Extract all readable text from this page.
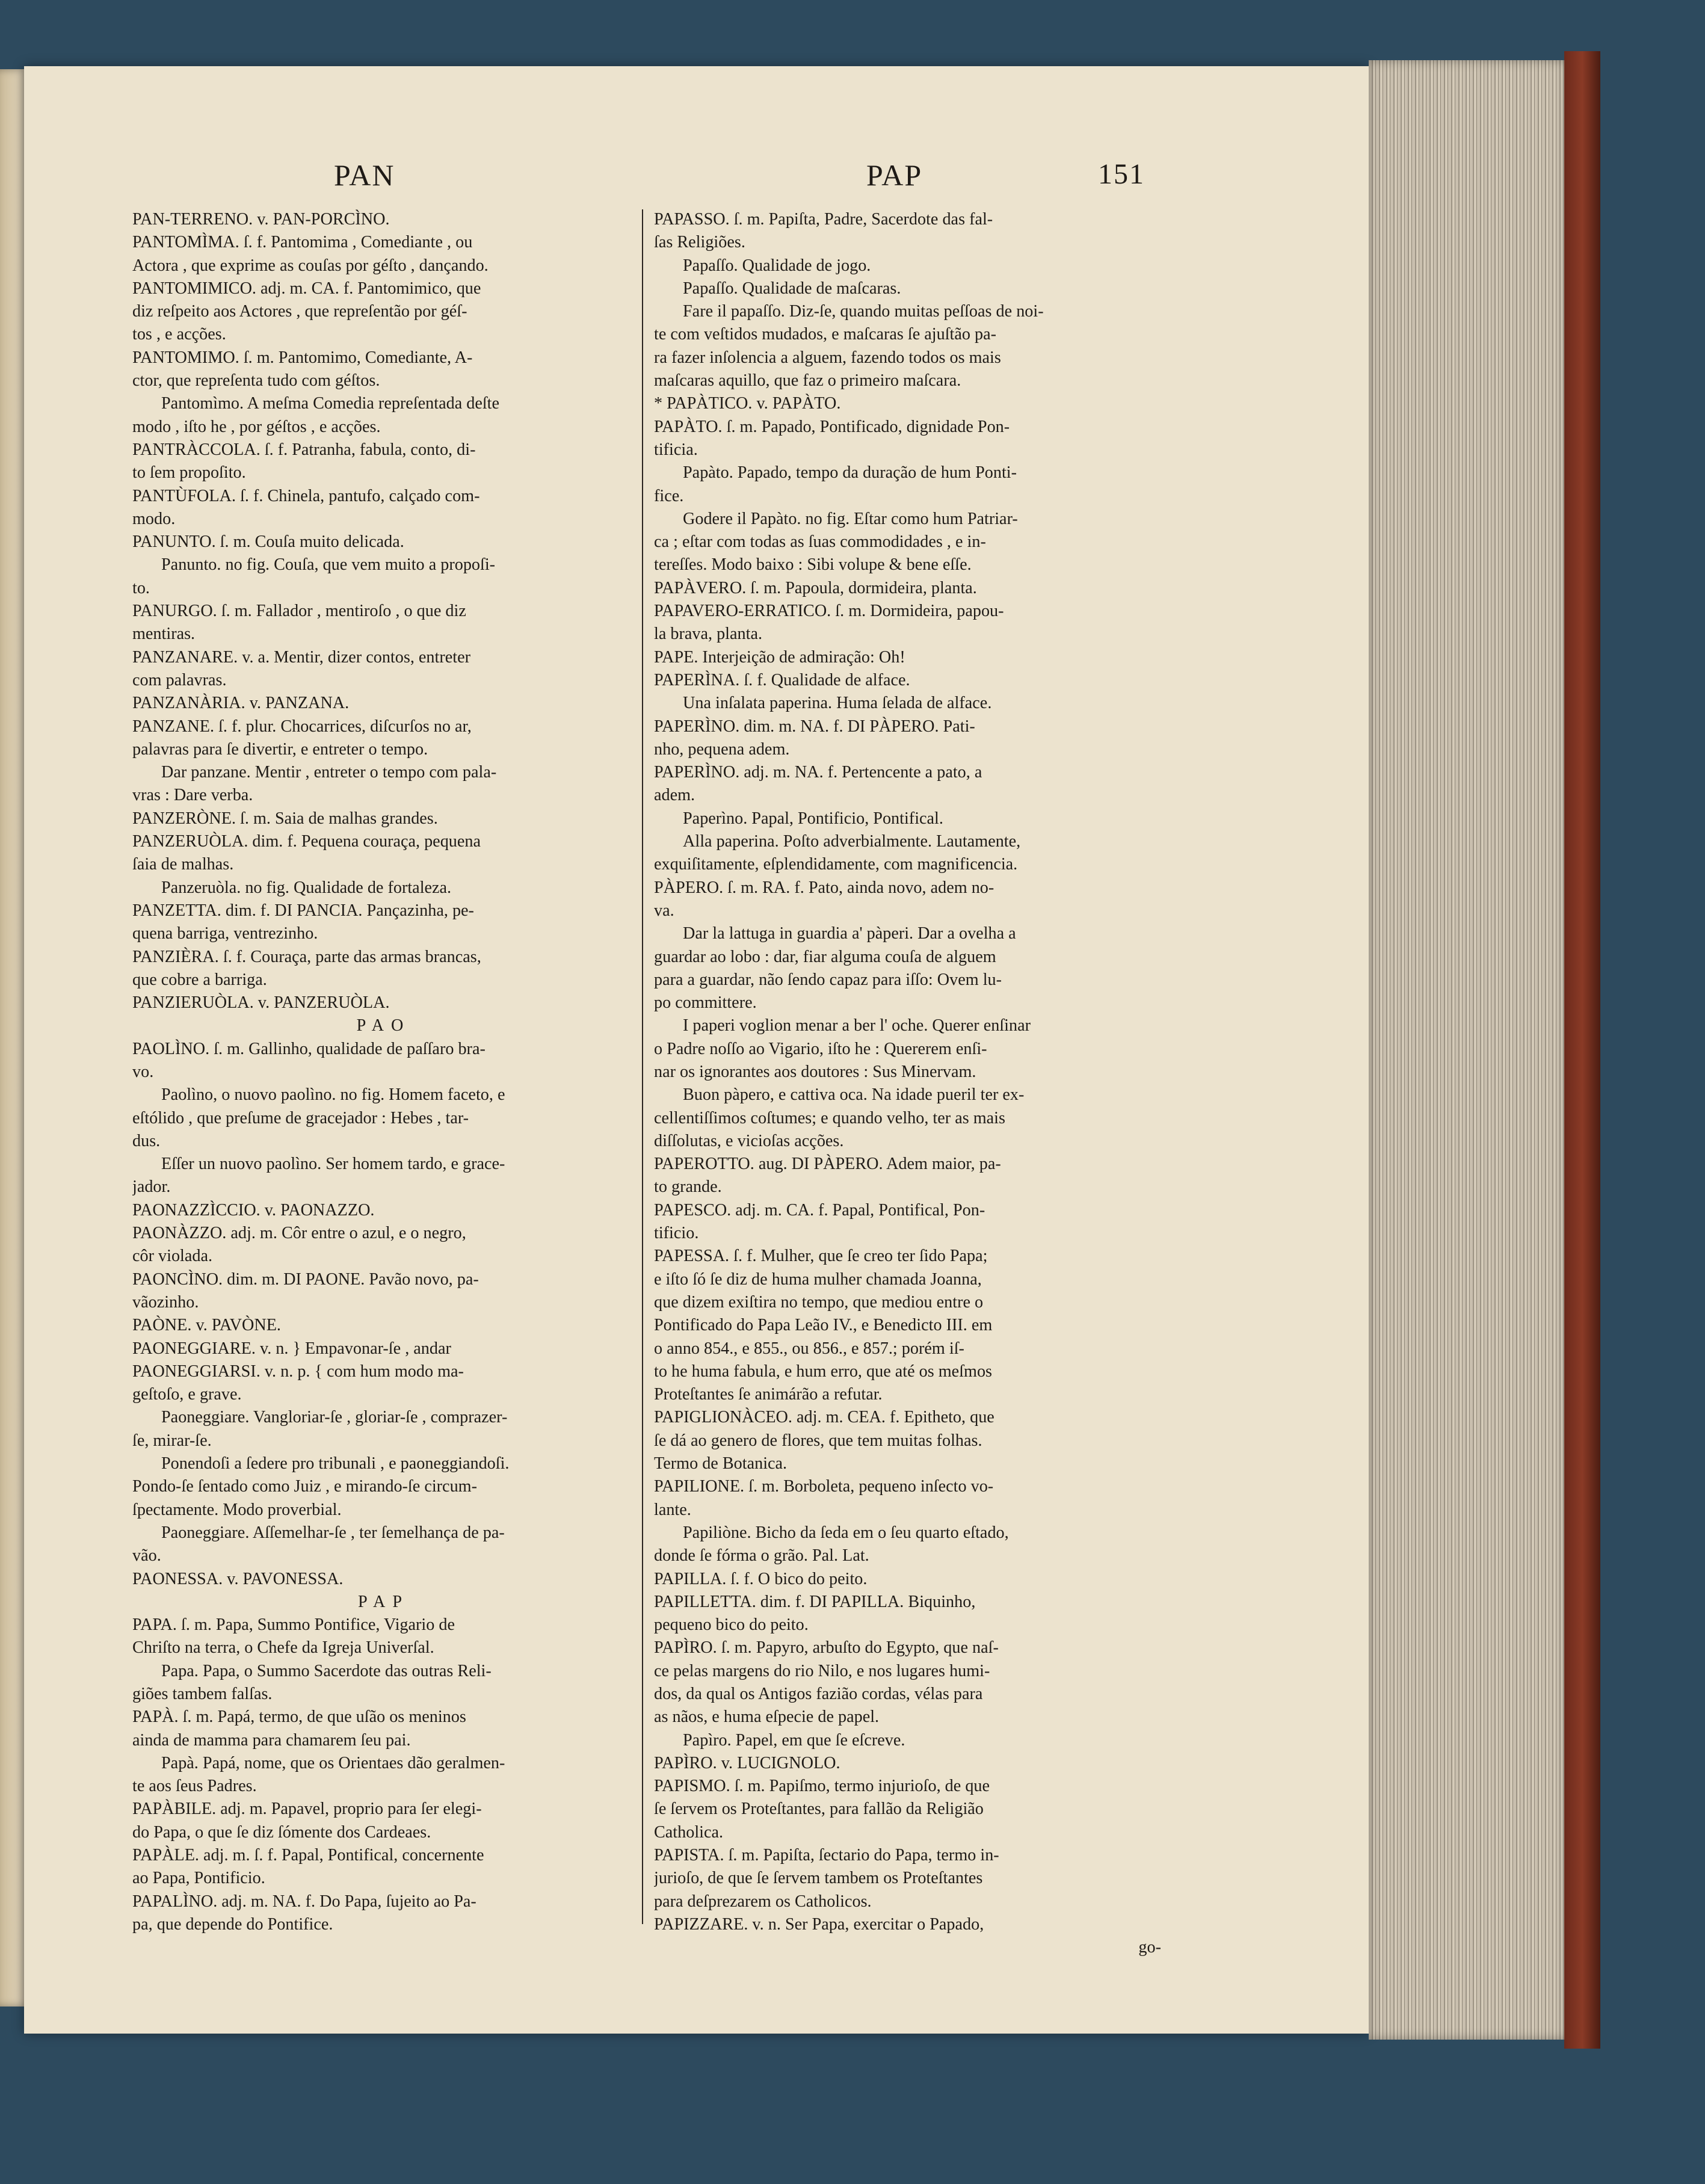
PAN	PAP	151
PAN-TERRENO. v. PAN-PORCÌNO.
PANTOMÌMA. ſ. f. Pantomima , Comediante , ou
Actora , que exprime as couſas por géſto , dançando.
PANTOMIMICO. adj. m. CA. f. Pantomimico, que
diz reſpeito aos Actores , que repreſentão por géſ-
tos , e acções.
PANTOMIMO. ſ. m. Pantomimo, Comediante, A-
ctor, que repreſenta tudo com géſtos.
Pantomìmo. A meſma Comedia repreſentada deſte
modo , iſto he , por géſtos , e acções.
PANTRÀCCOLA. ſ. f. Patranha, fabula, conto, di-
to ſem propoſito.
PANTÙFOLA. ſ. f. Chinela, pantufo, calçado com-
modo.
PANUNTO. ſ. m. Couſa muito delicada.
Panunto. no fig. Couſa, que vem muito a propoſi-
to.
PANURGO. ſ. m. Fallador , mentiroſo , o que diz
mentiras.
PANZANARE. v. a. Mentir, dizer contos, entreter
com palavras.
PANZANÀRIA. v. PANZANA.
PANZANE. ſ. f. plur. Chocarrices, diſcurſos no ar,
palavras para ſe divertir, e entreter o tempo.
Dar panzane. Mentir , entreter o tempo com pala-
vras : Dare verba.
PANZERÒNE. ſ. m. Saia de malhas grandes.
PANZERUÒLA. dim. f. Pequena couraça, pequena
ſaia de malhas.
Panzeruòla. no fig. Qualidade de fortaleza.
PANZETTA. dim. f. DI PANCIA. Pançazinha, pe-
quena barriga, ventrezinho.
PANZIÈRA. ſ. f. Couraça, parte das armas brancas,
que cobre a barriga.
PANZIERUÒLA. v. PANZERUÒLA.
PAO
PAOLÌNO. ſ. m. Gallinho, qualidade de paſſaro bra-
vo.
Paolìno, o nuovo paolìno. no fig. Homem faceto, e
eſtólido , que preſume de gracejador : Hebes , tar-
dus.
Eſſer un nuovo paolìno. Ser homem tardo, e grace-
jador.
PAONAZZÌCCIO. v. PAONAZZO.
PAONÀZZO. adj. m. Côr entre o azul, e o negro,
côr violada.
PAONCÌNO. dim. m. DI PAONE. Pavão novo, pa-
vãozinho.
PAÒNE. v. PAVÒNE.
PAONEGGIARE. v. n. } Empavonar-ſe , andar
PAONEGGIARSI. v. n. p. { com hum modo ma-
geſtoſo, e grave.
Paoneggiare. Vangloriar-ſe , gloriar-ſe , comprazer-
ſe, mirar-ſe.
Ponendoſi a ſedere pro tribunali , e paoneggiandoſi.
Pondo-ſe ſentado como Juiz , e mirando-ſe circum-
ſpectamente. Modo proverbial.
Paoneggiare. Aſſemelhar-ſe , ter ſemelhança de pa-
vão.
PAONESSA. v. PAVONESSA.
PAP
PAPA. ſ. m. Papa, Summo Pontifice, Vigario de
Chriſto na terra, o Chefe da Igreja Univerſal.
Papa. Papa, o Summo Sacerdote das outras Reli-
giões tambem falſas.
PAPÀ. ſ. m. Papá, termo, de que uſão os meninos
ainda de mamma para chamarem ſeu pai.
Papà. Papá, nome, que os Orientaes dão geralmen-
te aos ſeus Padres.
PAPÀBILE. adj. m. Papavel, proprio para ſer elegi-
do Papa, o que ſe diz ſómente dos Cardeaes.
PAPÀLE. adj. m. ſ. f. Papal, Pontifical, concernente
ao Papa, Pontificio.
PAPALÌNO. adj. m. NA. f. Do Papa, ſujeito ao Pa-
pa, que depende do Pontifice.
PAPASSO. ſ. m. Papiſta, Padre, Sacerdote das fal-
ſas Religiões.
Papaſſo. Qualidade de jogo.
Papaſſo. Qualidade de maſcaras.
Fare il papaſſo. Diz-ſe, quando muitas peſſoas de noi-
te com veſtidos mudados, e maſcaras ſe ajuſtão pa-
ra fazer inſolencia a alguem, fazendo todos os mais
maſcaras aquillo, que faz o primeiro maſcara.
* PAPÀTICO. v. PAPÀTO.
PAPÀTO. ſ. m. Papado, Pontificado, dignidade Pon-
tificia.
Papàto. Papado, tempo da duração de hum Ponti-
fice.
Godere il Papàto. no fig. Eſtar como hum Patriar-
ca ; eſtar com todas as ſuas commodidades , e in-
tereſſes. Modo baixo : Sibi volupe & bene eſſe.
PAPÀVERO. ſ. m. Papoula, dormideira, planta.
PAPAVERO-ERRATICO. ſ. m. Dormideira, papou-
la brava, planta.
PAPE. Interjeição de admiração: Oh!
PAPERÌNA. ſ. f. Qualidade de alface.
Una inſalata paperina. Huma ſelada de alface.
PAPERÌNO. dim. m. NA. f. DI PÀPERO. Pati-
nho, pequena adem.
PAPERÌNO. adj. m. NA. f. Pertencente a pato, a
adem.
Paperìno. Papal, Pontificio, Pontifical.
Alla paperina. Poſto adverbialmente. Lautamente,
exquiſitamente, eſplendidamente, com magnificencia.
PÀPERO. ſ. m. RA. f. Pato, ainda novo, adem no-
va.
Dar la lattuga in guardia a' pàperi. Dar a ovelha a
guardar ao lobo : dar, fiar alguma couſa de alguem
para a guardar, não ſendo capaz para iſſo: Ovem lu-
po committere.
I paperi voglion menar a ber l' oche. Querer enſinar
o Padre noſſo ao Vigario, iſto he : Quererem enſi-
nar os ignorantes aos doutores : Sus Minervam.
Buon pàpero, e cattiva oca. Na idade pueril ter ex-
cellentiſſimos coſtumes; e quando velho, ter as mais
diſſolutas, e vicioſas acções.
PAPEROTTO. aug. DI PÀPERO. Adem maior, pa-
to grande.
PAPESCO. adj. m. CA. f. Papal, Pontifical, Pon-
tificio.
PAPESSA. ſ. f. Mulher, que ſe creo ter ſido Papa;
e iſto ſó ſe diz de huma mulher chamada Joanna,
que dizem exiſtira no tempo, que mediou entre o
Pontificado do Papa Leão IV., e Benedicto III. em
o anno 854., e 855., ou 856., e 857.; porém iſ-
to he huma fabula, e hum erro, que até os meſmos
Proteſtantes ſe animárão a refutar.
PAPIGLIONÀCEO. adj. m. CEA. f. Epitheto, que
ſe dá ao genero de flores, que tem muitas folhas.
Termo de Botanica.
PAPILIONE. ſ. m. Borboleta, pequeno inſecto vo-
lante.
Papiliòne. Bicho da ſeda em o ſeu quarto eſtado,
donde ſe fórma o grão. Pal. Lat.
PAPILLA. ſ. f. O bico do peito.
PAPILLETTA. dim. f. DI PAPILLA. Biquinho,
pequeno bico do peito.
PAPÌRO. ſ. m. Papyro, arbuſto do Egypto, que naſ-
ce pelas margens do rio Nilo, e nos lugares humi-
dos, da qual os Antigos fazião cordas, vélas para
as nãos, e huma eſpecie de papel.
Papìro. Papel, em que ſe eſcreve.
PAPÌRO. v. LUCIGNOLO.
PAPISMO. ſ. m. Papiſmo, termo injurioſo, de que
ſe ſervem os Proteſtantes, para fallão da Religião
Catholica.
PAPISTA. ſ. m. Papiſta, ſectario do Papa, termo in-
jurioſo, de que ſe ſervem tambem os Proteſtantes
para deſprezarem os Catholicos.
PAPIZZARE. v. n. Ser Papa, exercitar o Papado,
go-
